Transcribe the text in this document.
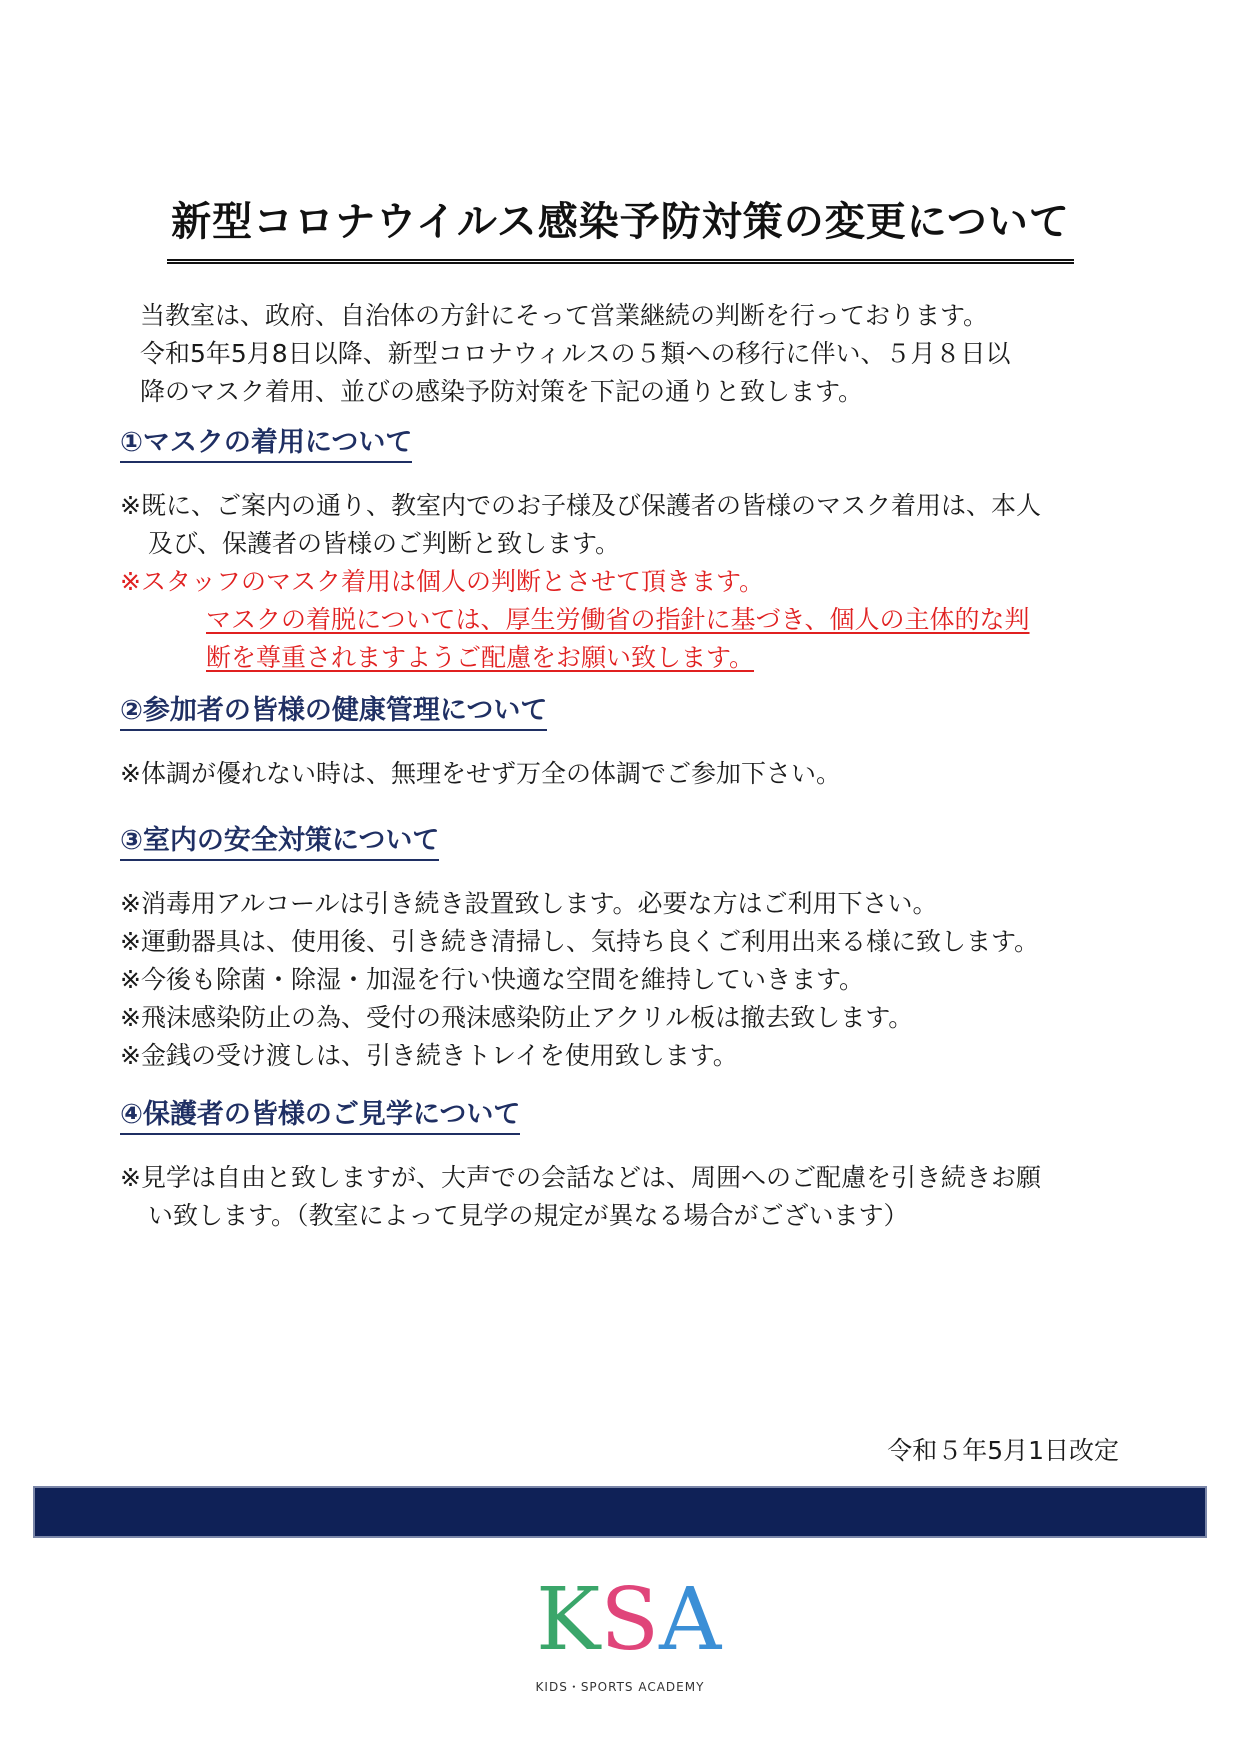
新型コロナウイルス感染予防対策の変更について

当教室は、政府、自治体の方針にそって営業継続の判断を行っております。

令和5年5月8日以降、新型コロナウィルスの５類への移行に伴い、５月８日以

降のマスク着用、並びの感染予防対策を下記の通りと致します。

①マスクの着用について

※既に、ご案内の通り、教室内でのお子様及び保護者の皆様のマスク着用は、本人

及び、保護者の皆様のご判断と致します。

※スタッフのマスク着用は個人の判断とさせて頂きます。

マスクの着脱については、厚生労働省の指針に基づき、個人の主体的な判

断を尊重されますようご配慮をお願い致します。

②参加者の皆様の健康管理について

※体調が優れない時は、無理をせず万全の体調でご参加下さい。

③室内の安全対策について

※消毒用アルコールは引き続き設置致します。必要な方はご利用下さい。

※運動器具は、使用後、引き続き清掃し、気持ち良くご利用出来る様に致します。

※今後も除菌・除湿・加湿を行い快適な空間を維持していきます。

※飛沫感染防止の為、受付の飛沫感染防止アクリル板は撤去致します。

※金銭の受け渡しは、引き続きトレイを使用致します。

④保護者の皆様のご見学について

※見学は自由と致しますが、大声での会話などは、周囲へのご配慮を引き続きお願

い致します。（教室によって見学の規定が異なる場合がございます）

令和５年5月1日改定
KSA
KIDS・SPORTS ACADEMY
